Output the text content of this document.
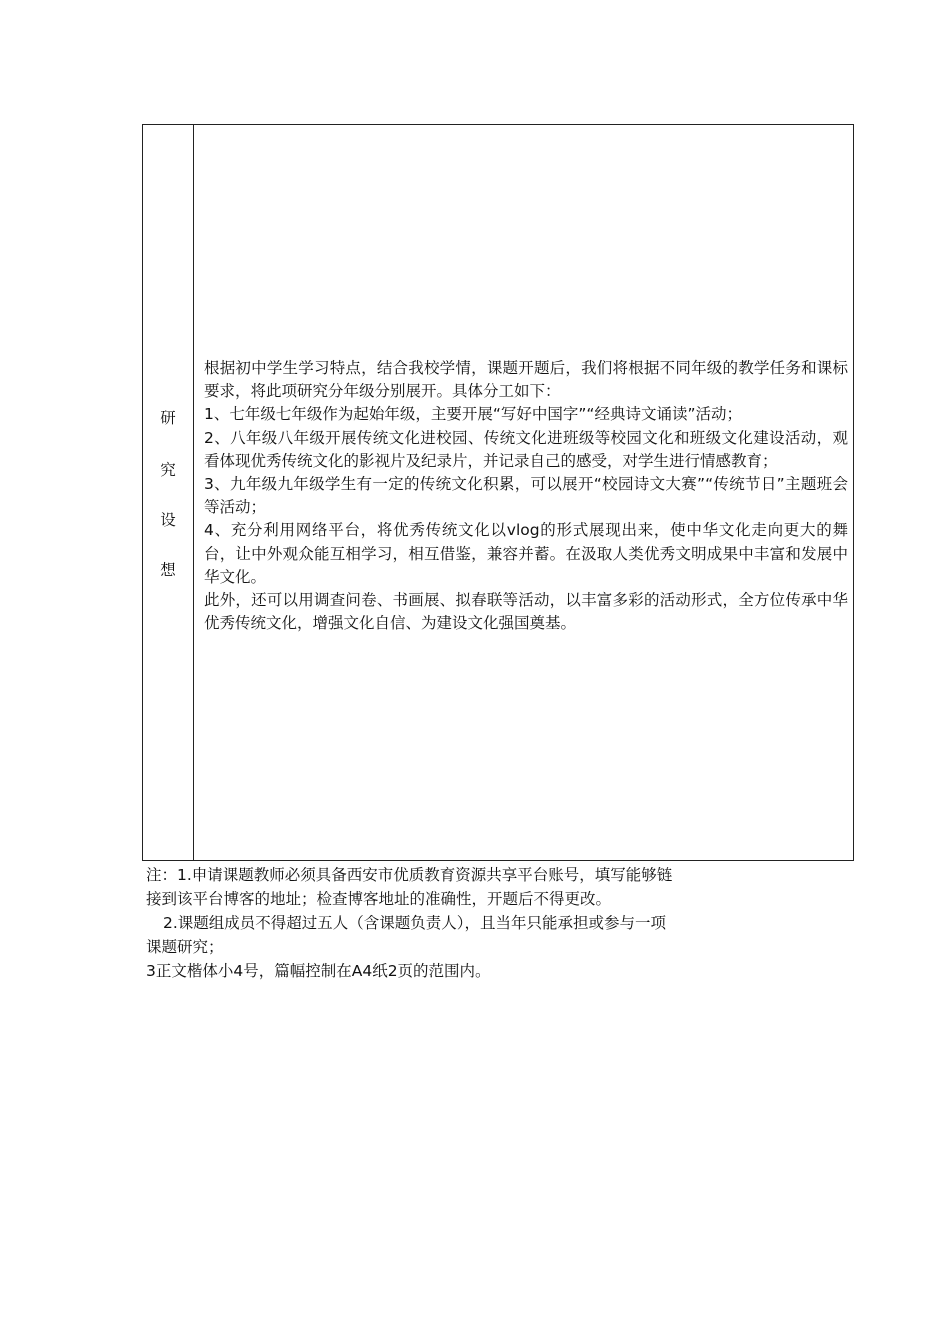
研
究
设
想

根据初中学生学习特点，结合我校学情，课题开题后，我们将根据不同年级的教学任务和课标要求，将此项研究分年级分别展开。具体分工如下：

1、七年级七年级作为起始年级，主要开展“写好中国字”“经典诗文诵读”活动；

2、八年级八年级开展传统文化进校园、传统文化进班级等校园文化和班级文化建设活动，观看体现优秀传统文化的影视片及纪录片，并记录自己的感受，对学生进行情感教育；

3、九年级九年级学生有一定的传统文化积累，可以展开“校园诗文大赛”“传统节日”主题班会等活动；

4、充分利用网络平台，将优秀传统文化以vlog的形式展现出来，使中华文化走向更大的舞台，让中外观众能互相学习，相互借鉴，兼容并蓄。在汲取人类优秀文明成果中丰富和发展中华文化。

此外，还可以用调查问卷、书画展、拟春联等活动，以丰富多彩的活动形式，全方位传承中华优秀传统文化，增强文化自信、为建设文化强国奠基。

注：1.申请课题教师必须具备西安市优质教育资源共享平台账号，填写能够链

接到该平台博客的地址；检查博客地址的准确性，开题后不得更改。

2.课题组成员不得超过五人（含课题负责人），且当年只能承担或参与一项

课题研究；

3正文楷体小4号，篇幅控制在A4纸2页的范围内。
